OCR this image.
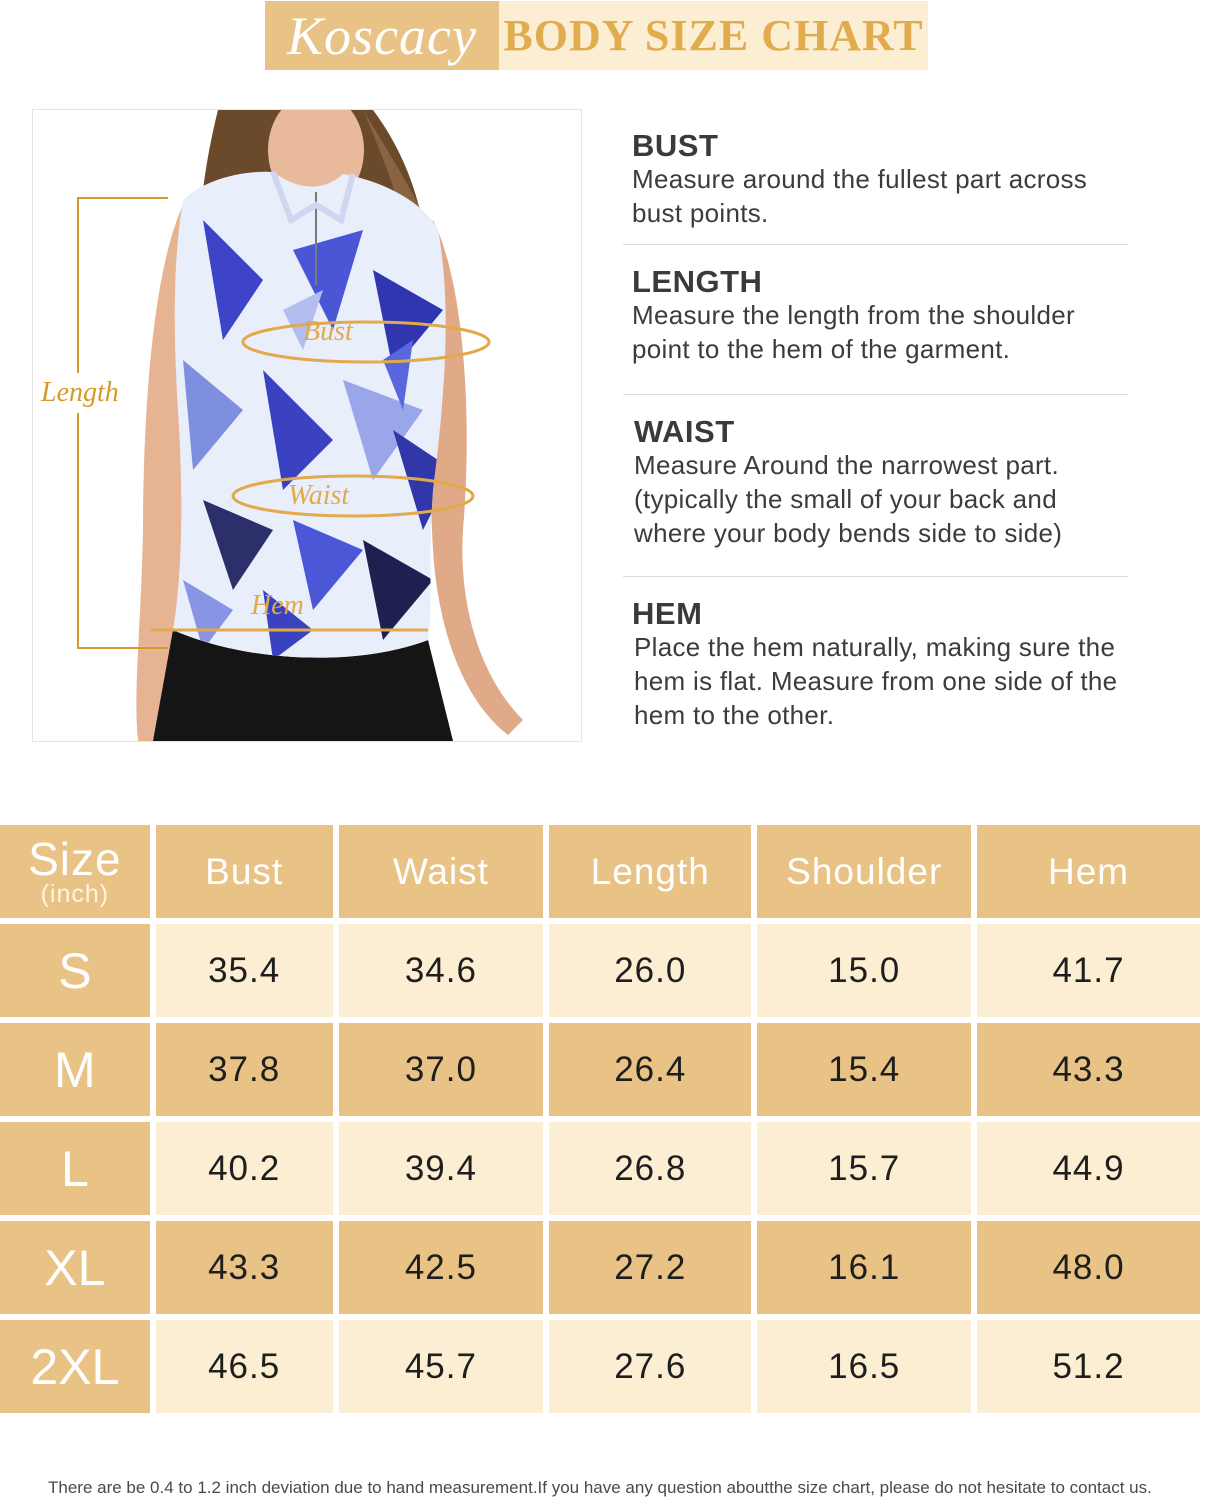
Koscacy BODY SIZE CHART
Length
Bust
Waist
Hem
BUST
Measure around the fullest part across bust points.
LENGTH
Measure the length from the shoulder point to the hem of the garment.
WAIST
Measure Around the narrowest part. (typically the small of your back and where your body bends side to side)
HEM
Place the hem naturally, making sure the hem is flat. Measure from one side of the hem to the other.
Size
(inch)	Bust	Waist	Length	Shoulder	Hem
S	35.4	34.6	26.0	15.0	41.7
M	37.8	37.0	26.4	15.4	43.3
L	40.2	39.4	26.8	15.7	44.9
XL	43.3	42.5	27.2	16.1	48.0
2XL	46.5	45.7	27.6	16.5	51.2
There are be 0.4 to 1.2 inch deviation due to hand measurement.If you have any question aboutthe size chart, please do not hesitate to contact us.
